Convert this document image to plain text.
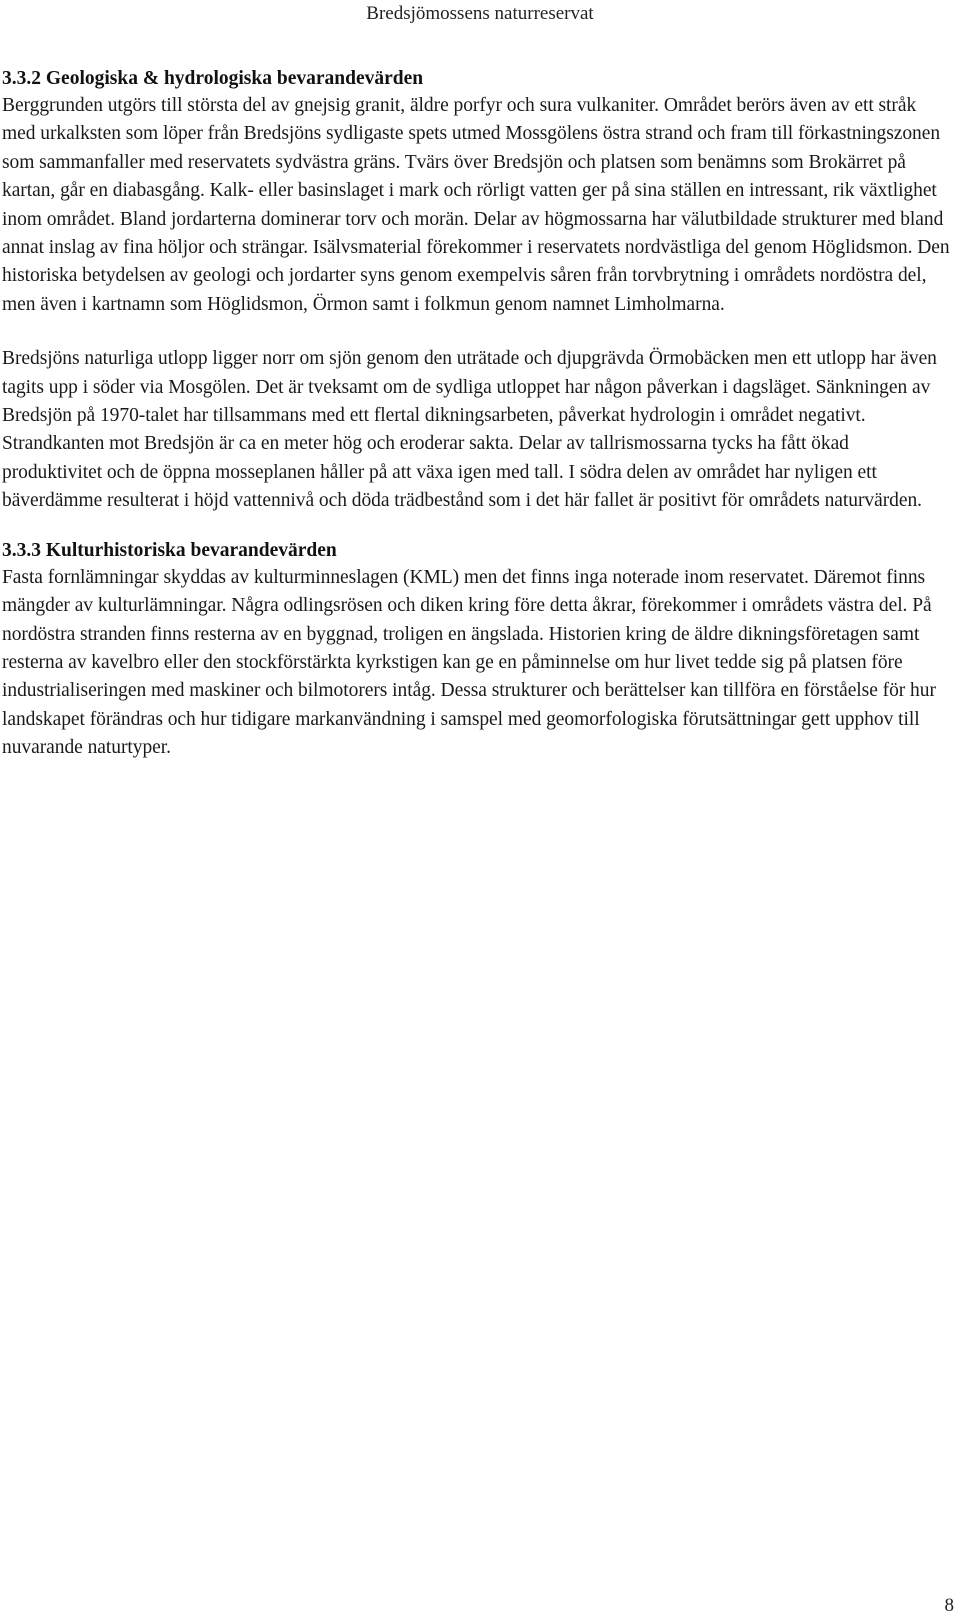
Bredsjömossens naturreservat
3.3.2 Geologiska & hydrologiska bevarandevärden

Berggrunden utgörs till största del av gnejsig granit, äldre porfyr och sura vulkaniter. Området berörs även av ett stråk med urkalksten som löper från Bredsjöns sydligaste spets utmed Mossgölens östra strand och fram till förkastningszonen som sammanfaller med reservatets sydvästra gräns. Tvärs över Bredsjön och platsen som benämns som Brokärret på kartan, går en diabasgång. Kalk- eller basinslaget i mark och rörligt vatten ger på sina ställen en intressant, rik växtlighet inom området. Bland jordarterna dominerar torv och morän. Delar av högmossarna har välutbildade strukturer med bland annat inslag av fina höljor och strängar. Isälvsmaterial förekommer i reservatets nordvästliga del genom Höglidsmon. Den historiska betydelsen av geologi och jordarter syns genom exempelvis såren från torvbrytning i områdets nordöstra del, men även i kartnamn som Höglidsmon, Örmon samt i folkmun genom namnet Limholmarna.

Bredsjöns naturliga utlopp ligger norr om sjön genom den uträtade och djupgrävda Örmobäcken men ett utlopp har även tagits upp i söder via Mosgölen. Det är tveksamt om de sydliga utloppet har någon påverkan i dagsläget. Sänkningen av Bredsjön på 1970-talet har tillsammans med ett flertal dikningsarbeten, påverkat hydrologin i området negativt. Strandkanten mot Bredsjön är ca en meter hög och eroderar sakta. Delar av tallrismossarna tycks ha fått ökad produktivitet och de öppna mosseplanen håller på att växa igen med tall. I södra delen av området har nyligen ett bäverdämme resulterat i höjd vattennivå och döda trädbestånd som i det här fallet är positivt för områdets naturvärden.

3.3.3 Kulturhistoriska bevarandevärden

Fasta fornlämningar skyddas av kulturminneslagen (KML) men det finns inga noterade inom reservatet. Däremot finns mängder av kulturlämningar. Några odlingsrösen och diken kring före detta åkrar, förekommer i områdets västra del. På nordöstra stranden finns resterna av en byggnad, troligen en ängslada. Historien kring de äldre dikningsföretagen samt resterna av kavelbro eller den stockförstärkta kyrkstigen kan ge en påminnelse om hur livet tedde sig på platsen före industrialiseringen med maskiner och bilmotorers intåg. Dessa strukturer och berättelser kan tillföra en förståelse för hur landskapet förändras och hur tidigare markanvändning i samspel med geomorfologiska förutsättningar gett upphov till nuvarande naturtyper.

8
